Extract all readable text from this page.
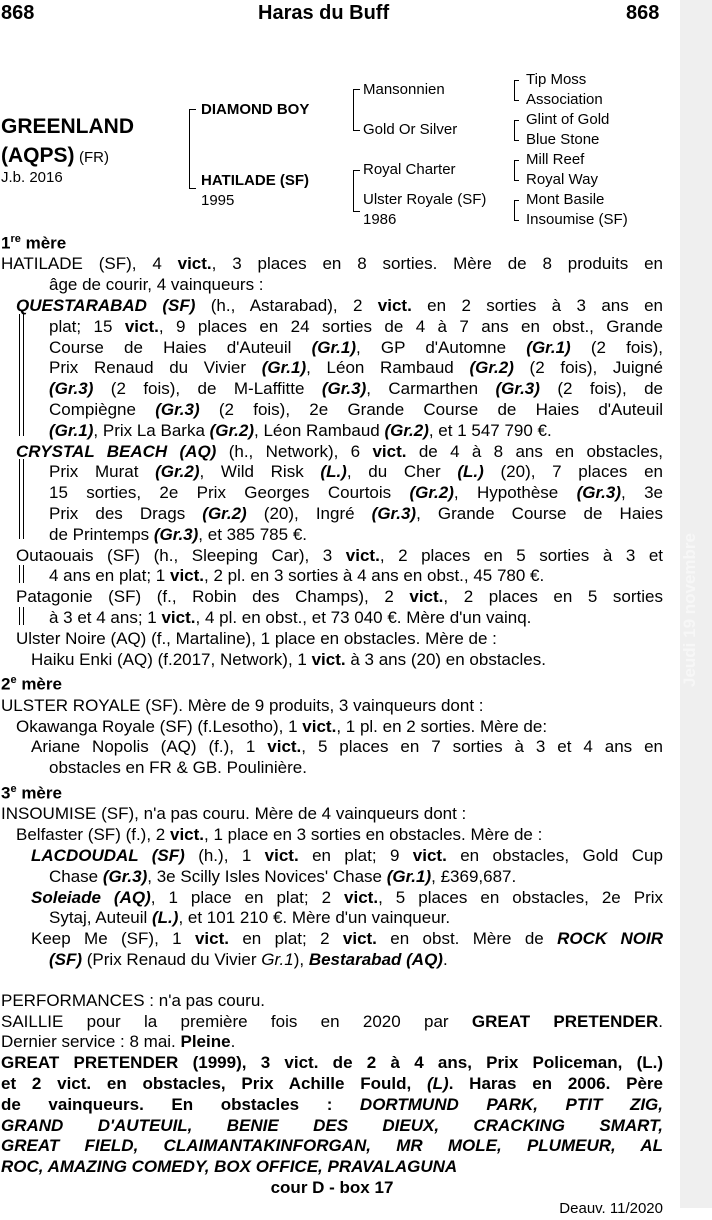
Jeudi 19 novembre
868	Haras du Buff	868
GREENLAND
(AQPS) (FR)
J.b. 2016
DIAMOND BOY
HATILADE (SF)
1995
Mansonnien
Gold Or Silver
Royal Charter
Ulster Royale (SF)
1986
Tip Moss
Association
Glint of Gold
Blue Stone
Mill Reef
Royal Way
Mont Basile
Insoumise (SF)
1re mère
HATILADE (SF), 4 vict., 3 places en 8 sorties. Mère de 8 produits en
âge de courir, 4 vainqueurs :
QUESTARABAD (SF) (h., Astarabad), 2 vict. en 2 sorties à 3 ans en
plat; 15 vict., 9 places en 24 sorties de 4 à 7 ans en obst., Grande
Course de Haies d'Auteuil (Gr.1), GP d'Automne (Gr.1) (2 fois),
Prix Renaud du Vivier (Gr.1), Léon Rambaud (Gr.2) (2 fois), Juigné
(Gr.3) (2 fois), de M-Laffitte (Gr.3), Carmarthen (Gr.3) (2 fois), de
Compiègne (Gr.3) (2 fois), 2e Grande Course de Haies d'Auteuil
(Gr.1), Prix La Barka (Gr.2), Léon Rambaud (Gr.2), et 1 547 790 €.
CRYSTAL BEACH (AQ) (h., Network), 6 vict. de 4 à 8 ans en obstacles,
Prix Murat (Gr.2), Wild Risk (L.), du Cher (L.) (20), 7 places en
15 sorties, 2e Prix Georges Courtois (Gr.2), Hypothèse (Gr.3), 3e
Prix des Drags (Gr.2) (20), Ingré (Gr.3), Grande Course de Haies
de Printemps (Gr.3), et 385 785 €.
Outaouais (SF) (h., Sleeping Car), 3 vict., 2 places en 5 sorties à 3 et
4 ans en plat; 1 vict., 2 pl. en 3 sorties à 4 ans en obst., 45 780 €.
Patagonie (SF) (f., Robin des Champs), 2 vict., 2 places en 5 sorties
à 3 et 4 ans; 1 vict., 4 pl. en obst., et 73 040 €. Mère d'un vainq.
Ulster Noire (AQ) (f., Martaline), 1 place en obstacles. Mère de :
Haiku Enki (AQ) (f.2017, Network), 1 vict. à 3 ans (20) en obstacles.
2e mère
ULSTER ROYALE (SF). Mère de 9 produits, 3 vainqueurs dont :
Okawanga Royale (SF) (f.Lesotho), 1 vict., 1 pl. en 2 sorties. Mère de:
Ariane Nopolis (AQ) (f.), 1 vict., 5 places en 7 sorties à 3 et 4 ans en
obstacles en FR & GB. Poulinière.
3e mère
INSOUMISE (SF), n'a pas couru. Mère de 4 vainqueurs dont :
Belfaster (SF) (f.), 2 vict., 1 place en 3 sorties en obstacles. Mère de :
LACDOUDAL (SF) (h.), 1 vict. en plat; 9 vict. en obstacles, Gold Cup
Chase (Gr.3), 3e Scilly Isles Novices' Chase (Gr.1), £369,687.
Soleiade (AQ), 1 place en plat; 2 vict., 5 places en obstacles, 2e Prix
Sytaj, Auteuil (L.), et 101 210 €. Mère d'un vainqueur.
Keep Me (SF), 1 vict. en plat; 2 vict. en obst. Mère de ROCK NOIR
(SF) (Prix Renaud du Vivier Gr.1), Bestarabad (AQ).
PERFORMANCES : n'a pas couru.
SAILLIE pour la première fois en 2020 par GREAT PRETENDER.
Dernier service : 8 mai. Pleine.
GREAT PRETENDER (1999), 3 vict. de 2 à 4 ans, Prix Policeman, (L.)
et 2 vict. en obstacles, Prix Achille Fould, (L). Haras en 2006. Père
de vainqueurs. En obstacles : DORTMUND PARK, PTIT ZIG,
GRAND D'AUTEUIL, BENIE DES DIEUX, CRACKING SMART,
GREAT FIELD, CLAIMANTAKINFORGAN, MR MOLE, PLUMEUR, AL
ROC, AMAZING COMEDY, BOX OFFICE, PRAVALAGUNA
cour D - box 17
Deauv. 11/2020
